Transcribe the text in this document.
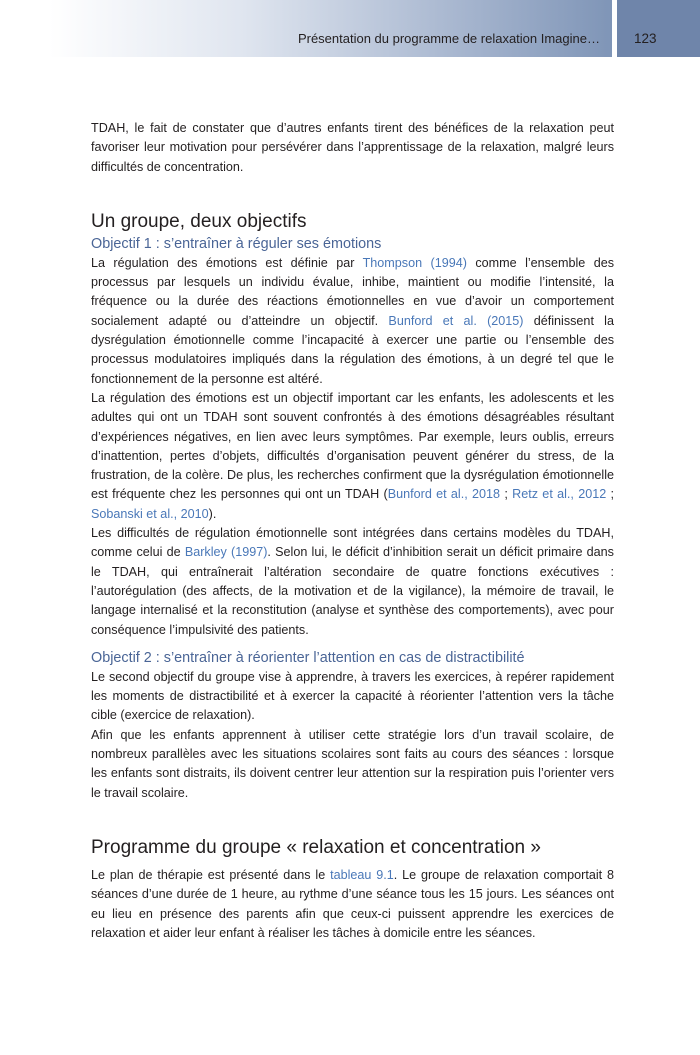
Présentation du programme de relaxation Imagine…	123

TDAH, le fait de constater que d’autres enfants tirent des bénéfices de la relaxation peut favoriser leur motivation pour persévérer dans l’apprentissage de la relaxation, malgré leurs difficultés de concentration.

Un groupe, deux objectifs
Objectif 1 : s’entraîner à réguler ses émotions

La régulation des émotions est définie par Thompson (1994) comme l’ensemble des processus par lesquels un individu évalue, inhibe, maintient ou modifie l’intensité, la fréquence ou la durée des réactions émotionnelles en vue d’avoir un comportement socialement adapté ou d’atteindre un objectif. Bunford et al. (2015) définissent la dysrégulation émotionnelle comme l’incapacité à exercer une partie ou l’ensemble des processus modulatoires impliqués dans la régulation des émotions, à un degré tel que le fonctionnement de la personne est altéré.

La régulation des émotions est un objectif important car les enfants, les adolescents et les adultes qui ont un TDAH sont souvent confrontés à des émotions désagréables résultant d’expériences négatives, en lien avec leurs symptômes. Par exemple, leurs oublis, erreurs d’inattention, pertes d’objets, difficultés d’organisation peuvent générer du stress, de la frustration, de la colère. De plus, les recherches confirment que la dysrégulation émotionnelle est fréquente chez les personnes qui ont un TDAH (Bunford et al., 2018 ; Retz et al., 2012 ; Sobanski et al., 2010).

Les difficultés de régulation émotionnelle sont intégrées dans certains modèles du TDAH, comme celui de Barkley (1997). Selon lui, le déficit d’inhibition serait un déficit primaire dans le TDAH, qui entraînerait l’altération secondaire de quatre fonctions exécutives : l’autorégulation (des affects, de la motivation et de la vigilance), la mémoire de travail, le langage internalisé et la reconstitution (analyse et synthèse des comportements), avec pour conséquence l’impulsivité des patients.

Objectif 2 : s’entraîner à réorienter l’attention en cas de distractibilité

Le second objectif du groupe vise à apprendre, à travers les exercices, à repérer rapidement les moments de distractibilité et à exercer la capacité à réorienter l’attention vers la tâche cible (exercice de relaxation).

Afin que les enfants apprennent à utiliser cette stratégie lors d’un travail scolaire, de nombreux parallèles avec les situations scolaires sont faits au cours des séances : lorsque les enfants sont distraits, ils doivent centrer leur attention sur la respiration puis l’orienter vers le travail scolaire.

Programme du groupe « relaxation et concentration »

Le plan de thérapie est présenté dans le tableau 9.1. Le groupe de relaxation comportait 8 séances d’une durée de 1 heure, au rythme d’une séance tous les 15 jours. Les séances ont eu lieu en présence des parents afin que ceux-ci puissent apprendre les exercices de relaxation et aider leur enfant à réaliser les tâches à domicile entre les séances.
